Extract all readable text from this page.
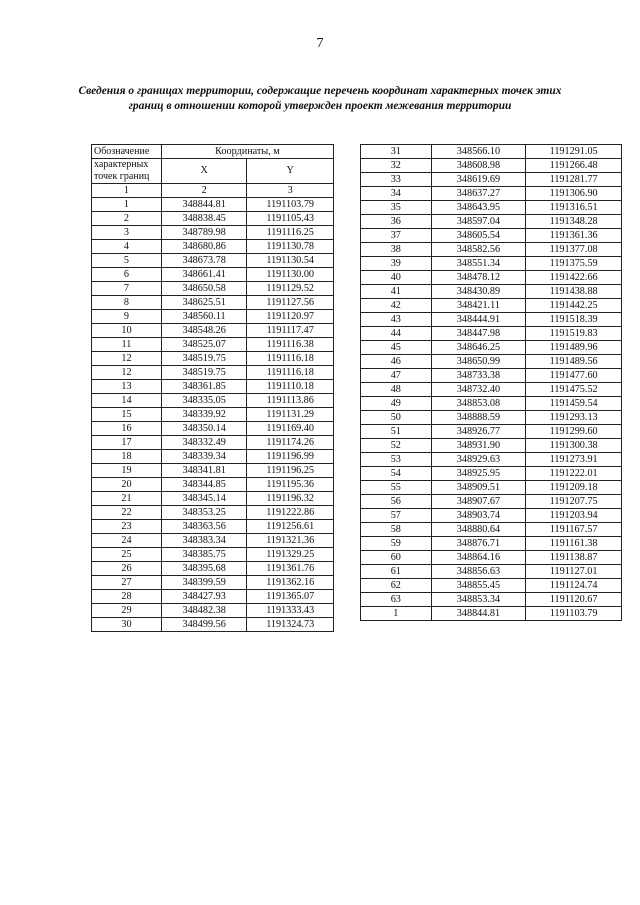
7
Сведения о границах территории, содержащие перечень координат характерных точек этих границ в отношении которой утвержден проект межевания территории
Обозначение	Координаты, м	

характерных
точек границ	X	Y

1	2	3
1	348844.81	1191103.79
2	348838.45	1191105.43
3	348789.98	1191116.25
4	348680.86	1191130.78
5	348673.78	1191130.54
6	348661.41	1191130.00
7	348650.58	1191129.52
8	348625.51	1191127.56
9	348560.11	1191120.97
10	348548.26	1191117.47
11	348525.07	1191116.38
12	348519.75	1191116.18
12	348519.75	1191116.18
13	348361.85	1191110.18
14	348335.05	1191113.86
15	348339.92	1191131.29
16	348350.14	1191169.40
17	348332.49	1191174.26
18	348339.34	1191196.99
19	348341.81	1191196.25
20	348344.85	1191195.36
21	348345.14	1191196.32
22	348353.25	1191222.86
23	348363.56	1191256.61
24	348383.34	1191321.36
25	348385.75	1191329.25
26	348395.68	1191361.76
27	348399.59	1191362.16
28	348427.93	1191365.07
29	348482.38	1191333.43
30	348499.56	1191324.73
31	348566.10	1191291.05
32	348608.98	1191266.48
33	348619.69	1191281.77
34	348637.27	1191306.90
35	348643.95	1191316.51
36	348597.04	1191348.28
37	348605.54	1191361.36
38	348582.56	1191377.08
39	348551.34	1191375.59
40	348478.12	1191422.66
41	348430.89	1191438.88
42	348421.11	1191442.25
43	348444.91	1191518.39
44	348447.98	1191519.83
45	348646.25	1191489.96
46	348650.99	1191489.56
47	348733.38	1191477.60
48	348732.40	1191475.52
49	348853.08	1191459.54
50	348888.59	1191293.13
51	348926.77	1191299.60
52	348931.90	1191300.38
53	348929.63	1191273.91
54	348925.95	1191222.01
55	348909.51	1191209.18
56	348907.67	1191207.75
57	348903.74	1191203.94
58	348880.64	1191167.57
59	348876.71	1191161.38
60	348864.16	1191138.87
61	348856.63	1191127.01
62	348855.45	1191124.74
63	348853.34	1191120.67
1	348844.81	1191103.79
